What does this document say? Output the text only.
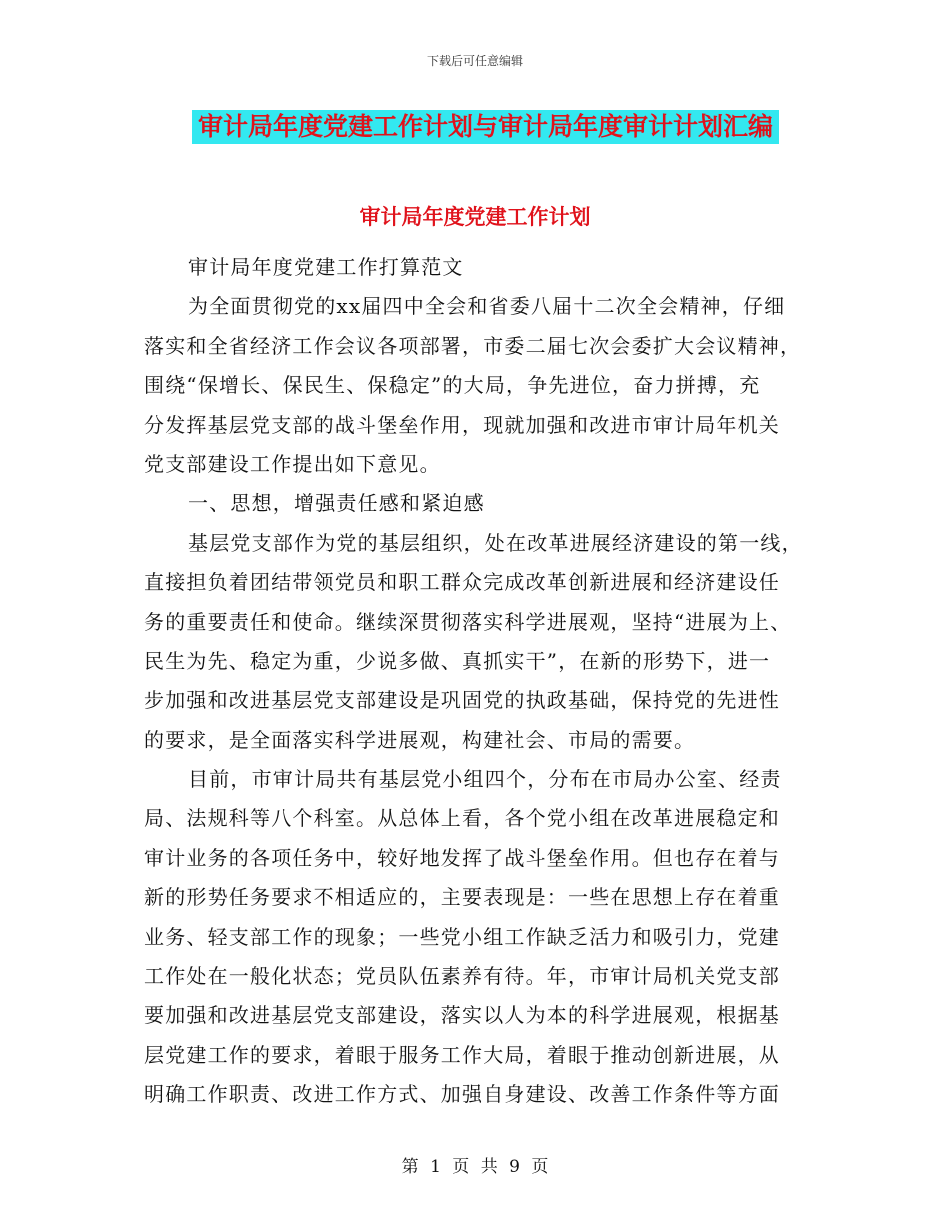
下载后可任意编辑
审计局年度党建工作计划与审计局年度审计计划汇编
审计局年度党建工作计划
审计局年度党建工作打算范文
为全面贯彻党的xx届四中全会和省委八届十二次全会精神，仔细
落实和全省经济工作会议各项部署，市委二届七次会委扩大会议精神，
围绕“保增长、保民生、保稳定”的大局，争先进位，奋力拼搏，充
分发挥基层党支部的战斗堡垒作用，现就加强和改进市审计局年机关
党支部建设工作提出如下意见。
一、思想，增强责任感和紧迫感
基层党支部作为党的基层组织，处在改革进展经济建设的第一线，
直接担负着团结带领党员和职工群众完成改革创新进展和经济建设任
务的重要责任和使命。继续深贯彻落实科学进展观，坚持“进展为上、
民生为先、稳定为重，少说多做、真抓实干”，在新的形势下，进一
步加强和改进基层党支部建设是巩固党的执政基础，保持党的先进性
的要求，是全面落实科学进展观，构建社会、市局的需要。
目前，市审计局共有基层党小组四个，分布在市局办公室、经责
局、法规科等八个科室。从总体上看，各个党小组在改革进展稳定和
审计业务的各项任务中，较好地发挥了战斗堡垒作用。但也存在着与
新的形势任务要求不相适应的，主要表现是：一些在思想上存在着重
业务、轻支部工作的现象；一些党小组工作缺乏活力和吸引力，党建
工作处在一般化状态；党员队伍素养有待。年，市审计局机关党支部
要加强和改进基层党支部建设，落实以人为本的科学进展观，根据基
层党建工作的要求，着眼于服务工作大局，着眼于推动创新进展，从
明确工作职责、改进工作方式、加强自身建设、改善工作条件等方面
第 1 页 共 9 页
